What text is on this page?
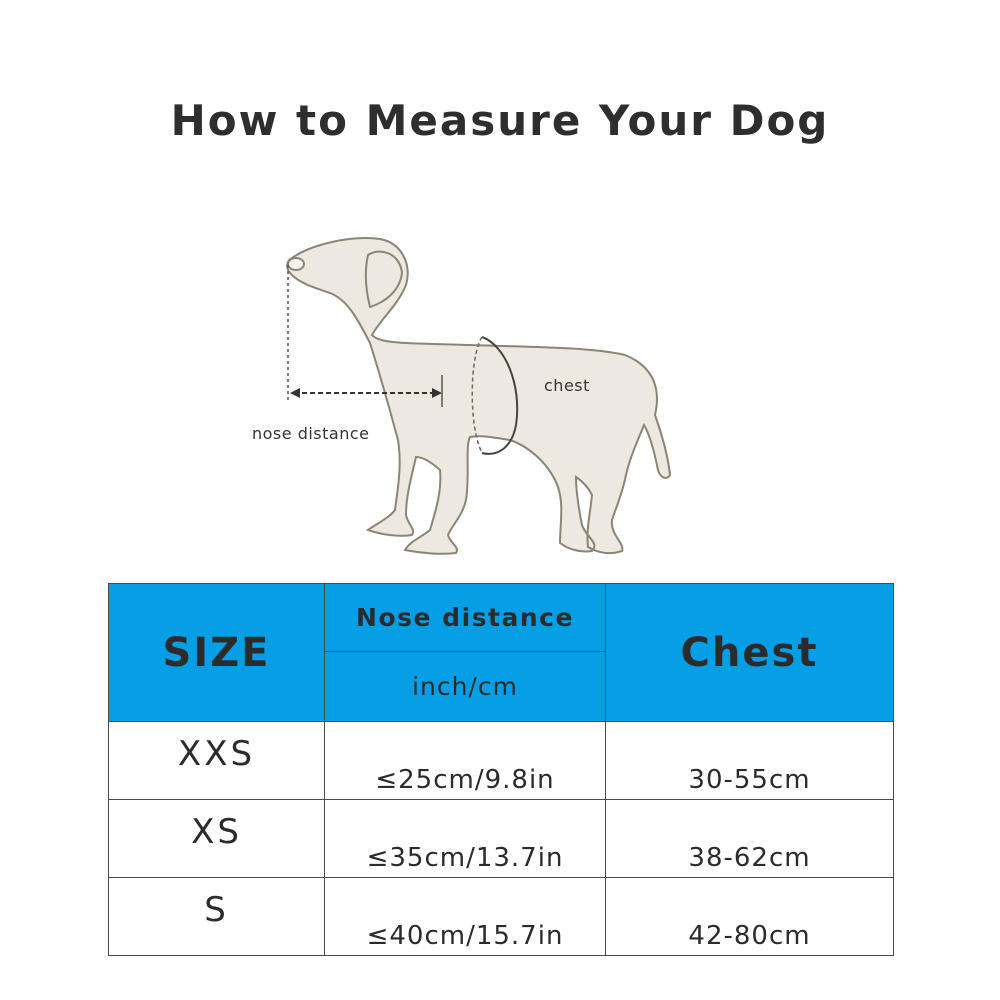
How to Measure Your Dog
chest
nose distance
SIZE	Nose distance	Chest
	inch/cm	
XXS	≤25cm/9.8in	30-55cm
XS	≤35cm/13.7in	38-62cm
S	≤40cm/15.7in	42-80cm
